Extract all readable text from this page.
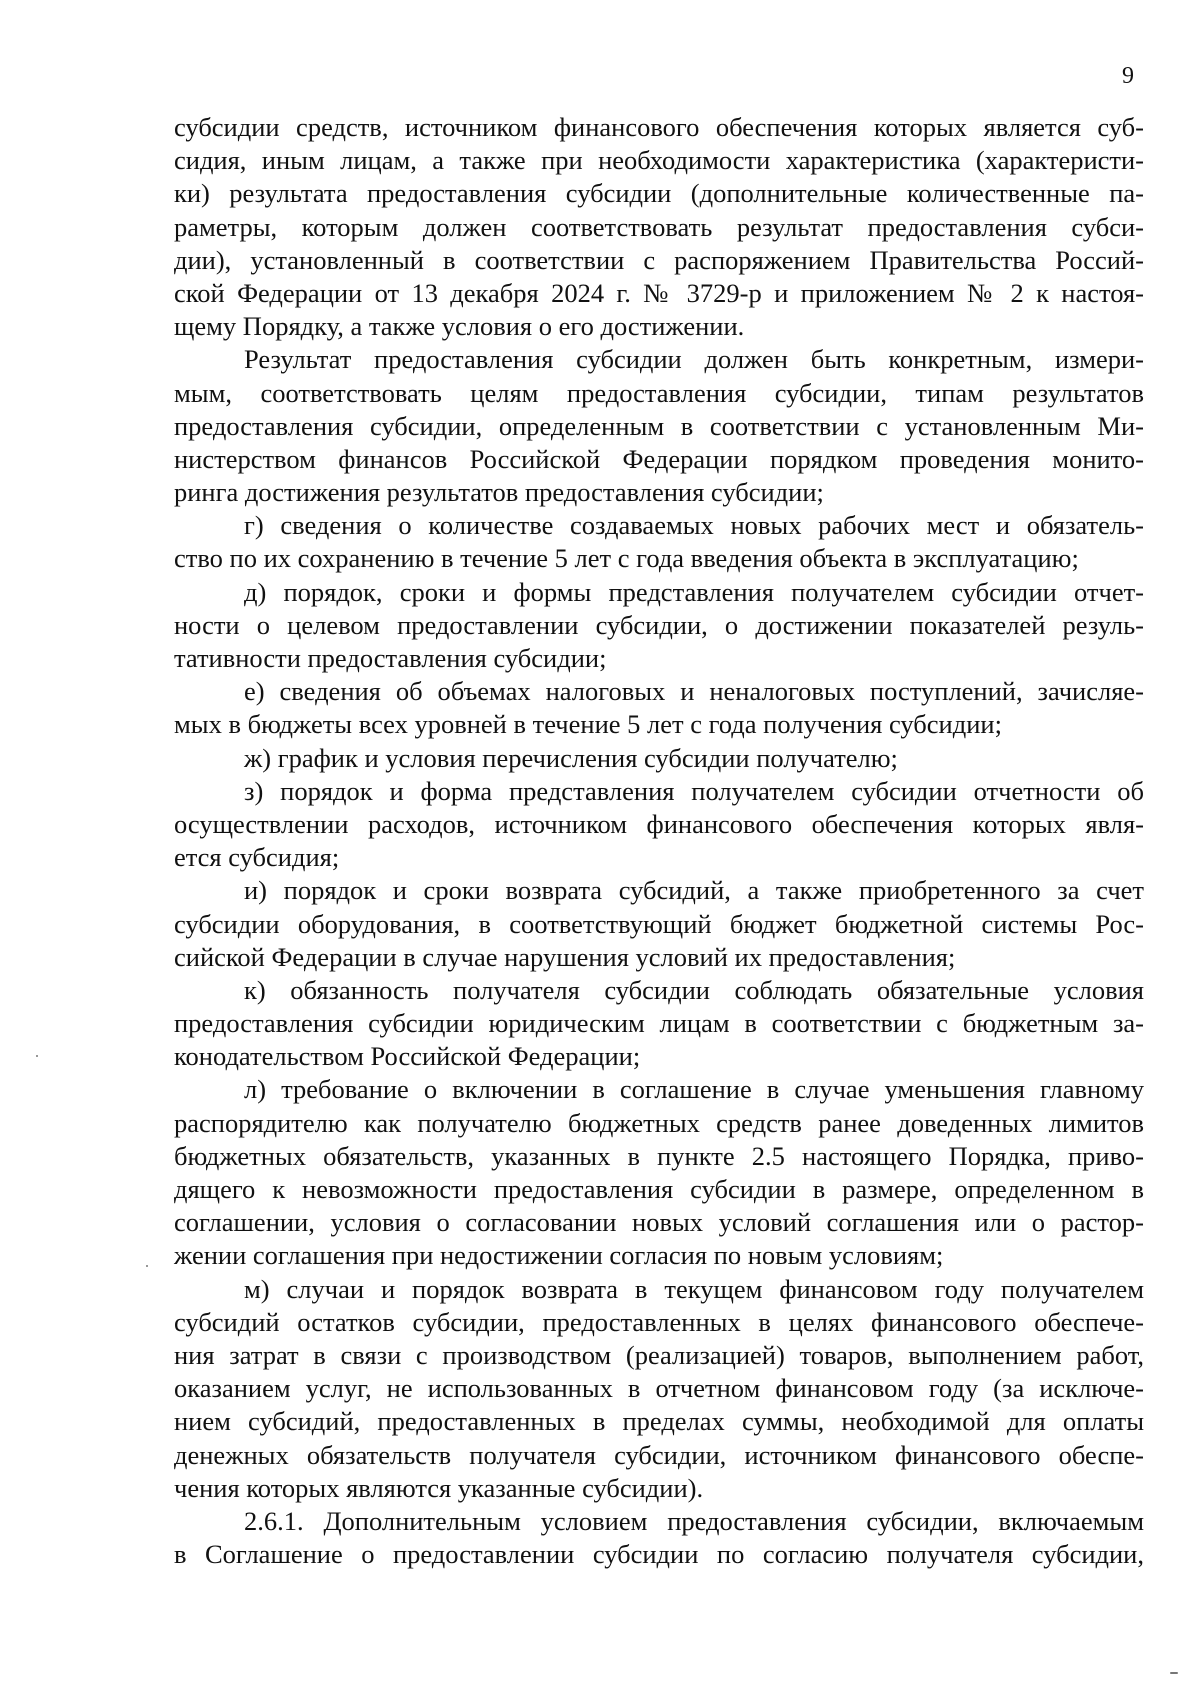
9
субсидии средств, источником финансового обеспечения которых является суб-
сидия, иным лицам, а также при необходимости характеристика (характеристи-
ки) результата предоставления субсидии (дополнительные количественные па-
раметры, которым должен соответствовать результат предоставления субси-
дии), установленный в соответствии с распоряжением Правительства Россий-
ской Федерации от 13 декабря 2024 г. № 3729-р и приложением № 2 к настоя-
щему Порядку, а также условия о его достижении.
Результат предоставления субсидии должен быть конкретным, измери-
мым, соответствовать целям предоставления субсидии, типам результатов
предоставления субсидии, определенным в соответствии с установленным Ми-
нистерством финансов Российской Федерации порядком проведения монито-
ринга достижения результатов предоставления субсидии;
г) сведения о количестве создаваемых новых рабочих мест и обязатель-
ство по их сохранению в течение 5 лет с года введения объекта в эксплуатацию;
д) порядок, сроки и формы представления получателем субсидии отчет-
ности о целевом предоставлении субсидии, о достижении показателей резуль-
тативности предоставления субсидии;
е) сведения об объемах налоговых и неналоговых поступлений, зачисляе-
мых в бюджеты всех уровней в течение 5 лет с года получения субсидии;
ж) график и условия перечисления субсидии получателю;
з) порядок и форма представления получателем субсидии отчетности об
осуществлении расходов, источником финансового обеспечения которых явля-
ется субсидия;
и) порядок и сроки возврата субсидий, а также приобретенного за счет
субсидии оборудования, в соответствующий бюджет бюджетной системы Рос-
сийской Федерации в случае нарушения условий их предоставления;
к) обязанность получателя субсидии соблюдать обязательные условия
предоставления субсидии юридическим лицам в соответствии с бюджетным за-
конодательством Российской Федерации;
л) требование о включении в соглашение в случае уменьшения главному
распорядителю как получателю бюджетных средств ранее доведенных лимитов
бюджетных обязательств, указанных в пункте 2.5 настоящего Порядка, приво-
дящего к невозможности предоставления субсидии в размере, определенном в
соглашении, условия о согласовании новых условий соглашения или о растор-
жении соглашения при недостижении согласия по новым условиям;
м) случаи и порядок возврата в текущем финансовом году получателем
субсидий остатков субсидии, предоставленных в целях финансового обеспече-
ния затрат в связи с производством (реализацией) товаров, выполнением работ,
оказанием услуг, не использованных в отчетном финансовом году (за исключе-
нием субсидий, предоставленных в пределах суммы, необходимой для оплаты
денежных обязательств получателя субсидии, источником финансового обеспе-
чения которых являются указанные субсидии).
2.6.1. Дополнительным условием предоставления субсидии, включаемым
в Соглашение о предоставлении субсидии по согласию получателя субсидии,
